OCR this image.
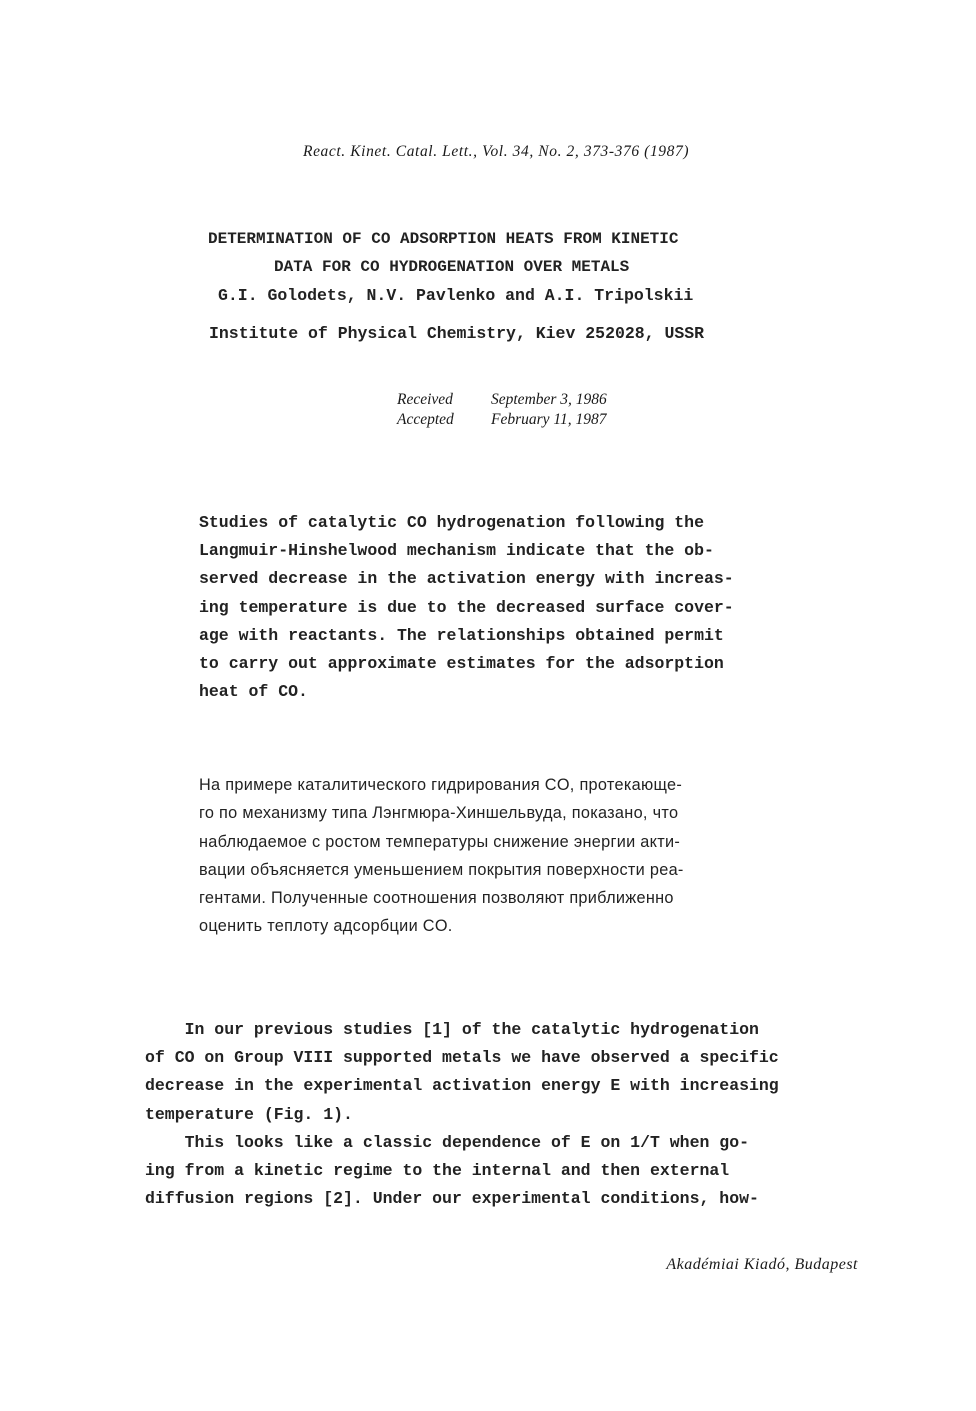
React. Kinet. Catal. Lett., Vol. 34, No. 2, 373-376 (1987)

DETERMINATION OF CO ADSORPTION HEATS FROM KINETIC
DATA FOR CO HYDROGENATION OVER METALS

G.I. Golodets, N.V. Pavlenko and A.I. Tripolskii

Institute of Physical Chemistry, Kiev 252028, USSR

Received September 3, 1986
Accepted February 11, 1987
Studies of catalytic CO hydrogenation following the
Langmuir-Hinshelwood mechanism indicate that the ob-
served decrease in the activation energy with increas-
ing temperature is due to the decreased surface cover-
age with reactants. The relationships obtained permit
to carry out approximate estimates for the adsorption
heat of CO.
На примере каталитического гидрирования CO, протекающе-
го по механизму типа Лэнгмюра-Хиншельвуда, показано, что
наблюдаемое с ростом температуры снижение энергии акти-
вации объясняется уменьшением покрытия поверхности реа-
гентами. Полученные соотношения позволяют приближенно
оценить теплоту адсорбции CO.
In our previous studies [1] of the catalytic hydrogenation
of CO on Group VIII supported metals we have observed a specific
decrease in the experimental activation energy E with increasing
temperature (Fig. 1).
This looks like a classic dependence of E on 1/T when go-
ing from a kinetic regime to the internal and then external
diffusion regions [2]. Under our experimental conditions, how-

Akadémiai Kiadó, Budapest
